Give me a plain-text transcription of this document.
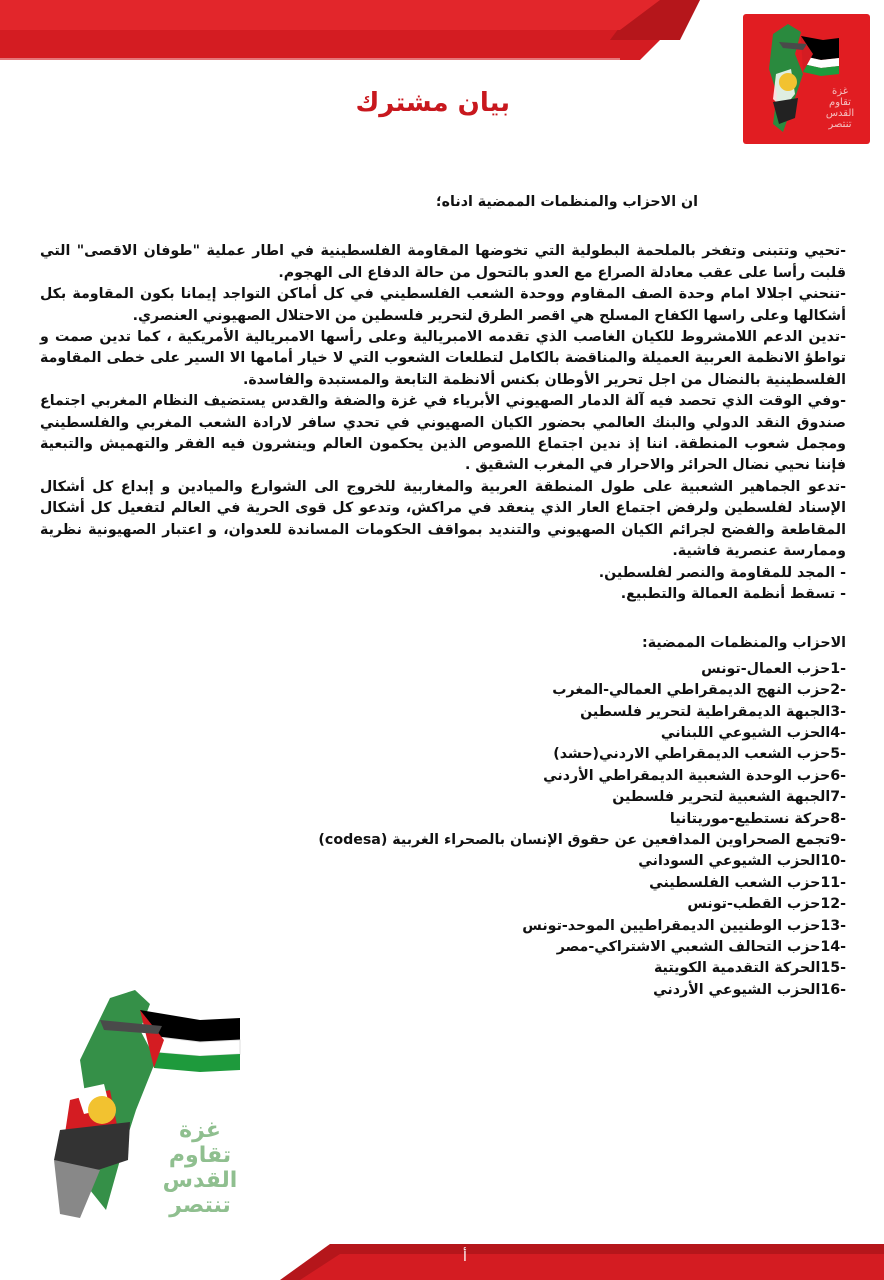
غزة
تقاوم
القدس
تنتصر
بيان مشترك

ان الاحزاب والمنظمات الممضية ادناه؛

-تحيي وتتبنى وتفخر بالملحمة البطولية التي تخوضها المقاومة الفلسطينية في اطار عملية "طوفان الاقصى" التي قلبت رأسا على عقب معادلة الصراع مع العدو بالتحول من حالة الدفاع الى الهجوم.

-تنحني اجلالا امام وحدة الصف المقاوم ووحدة الشعب الفلسطيني في كل أماكن التواجد إيمانا بكون المقاومة بكل أشكالها وعلى راسها الكفاح المسلح هي اقصر الطرق لتحرير فلسطين من الاحتلال الصهيوني العنصري.

-تدين الدعم اللامشروط للكيان الغاصب الذي تقدمه الامبريالية وعلى رأسها الامبريالية الأمريكية ، كما تدين صمت و تواطؤ الانظمة العربية العميلة والمناقضة بالكامل لتطلعات الشعوب التي لا خيار أمامها الا السير على خطى المقاومة الفلسطينية بالنضال من اجل تحرير الأوطان بكنس ألانظمة التابعة والمستبدة والفاسدة.

-وفي الوقت الذي تحصد فيه آلة الدمار الصهيوني الأبرياء في غزة والضفة والقدس يستضيف النظام المغربي اجتماع صندوق النقد الدولي والبنك العالمي بحضور الكيان الصهيوني في تحدي سافر لارادة الشعب المغربي والفلسطيني ومجمل شعوب المنطقة. اننا إذ ندين اجتماع اللصوص الذين يحكمون العالم وينشرون فيه الفقر والتهميش والتبعية فإننا نحيي نضال الحرائر والاحرار في المغرب الشقيق .

-تدعو الجماهير الشعبية على طول المنطقة العربية والمغاربية للخروج الى الشوارع والميادين و إبداع كل أشكال الإسناد لفلسطين ولرفض اجتماع العار الذي ينعقد في مراكش، وتدعو كل قوى الحرية في العالم لتفعيل كل أشكال المقاطعة والفضح لجرائم الكيان الصهيوني والتنديد بمواقف الحكومات المساندة للعدوان، و اعتبار الصهيونية نظرية وممارسة عنصرية فاشية.

- المجد للمقاومة والنصر لفلسطين.

- تسقط أنظمة العمالة والتطبيع.

الاحزاب والمنظمات الممضية:

-1حزب العمال-تونس
-2حزب النهج الديمقراطي العمالي-المغرب
-3الجبهة الديمقراطية لتحرير فلسطين
-4الحزب الشيوعي اللبناني
-5حزب الشعب الديمقراطي الاردني(حشد)
-6حزب الوحدة الشعبية الديمقراطي الأردني
-7الجبهة الشعبية لتحرير فلسطين
-8حركة نستطيع-موريتانيا
-9تجمع الصحراوين المدافعين عن حقوق الإنسان بالصحراء الغربية (codesa)
-10الحزب الشيوعي السوداني
-11حزب الشعب الفلسطيني
-12حزب القطب-تونس
-13حزب الوطنيين الديمقراطيين الموحد-تونس
-14حزب التحالف الشعبي الاشتراكي-مصر
-15الحركة التقدمية الكويتية
-16الحزب الشيوعي الأردني
غزة
تقاوم
القدس
تنتصر
أ
